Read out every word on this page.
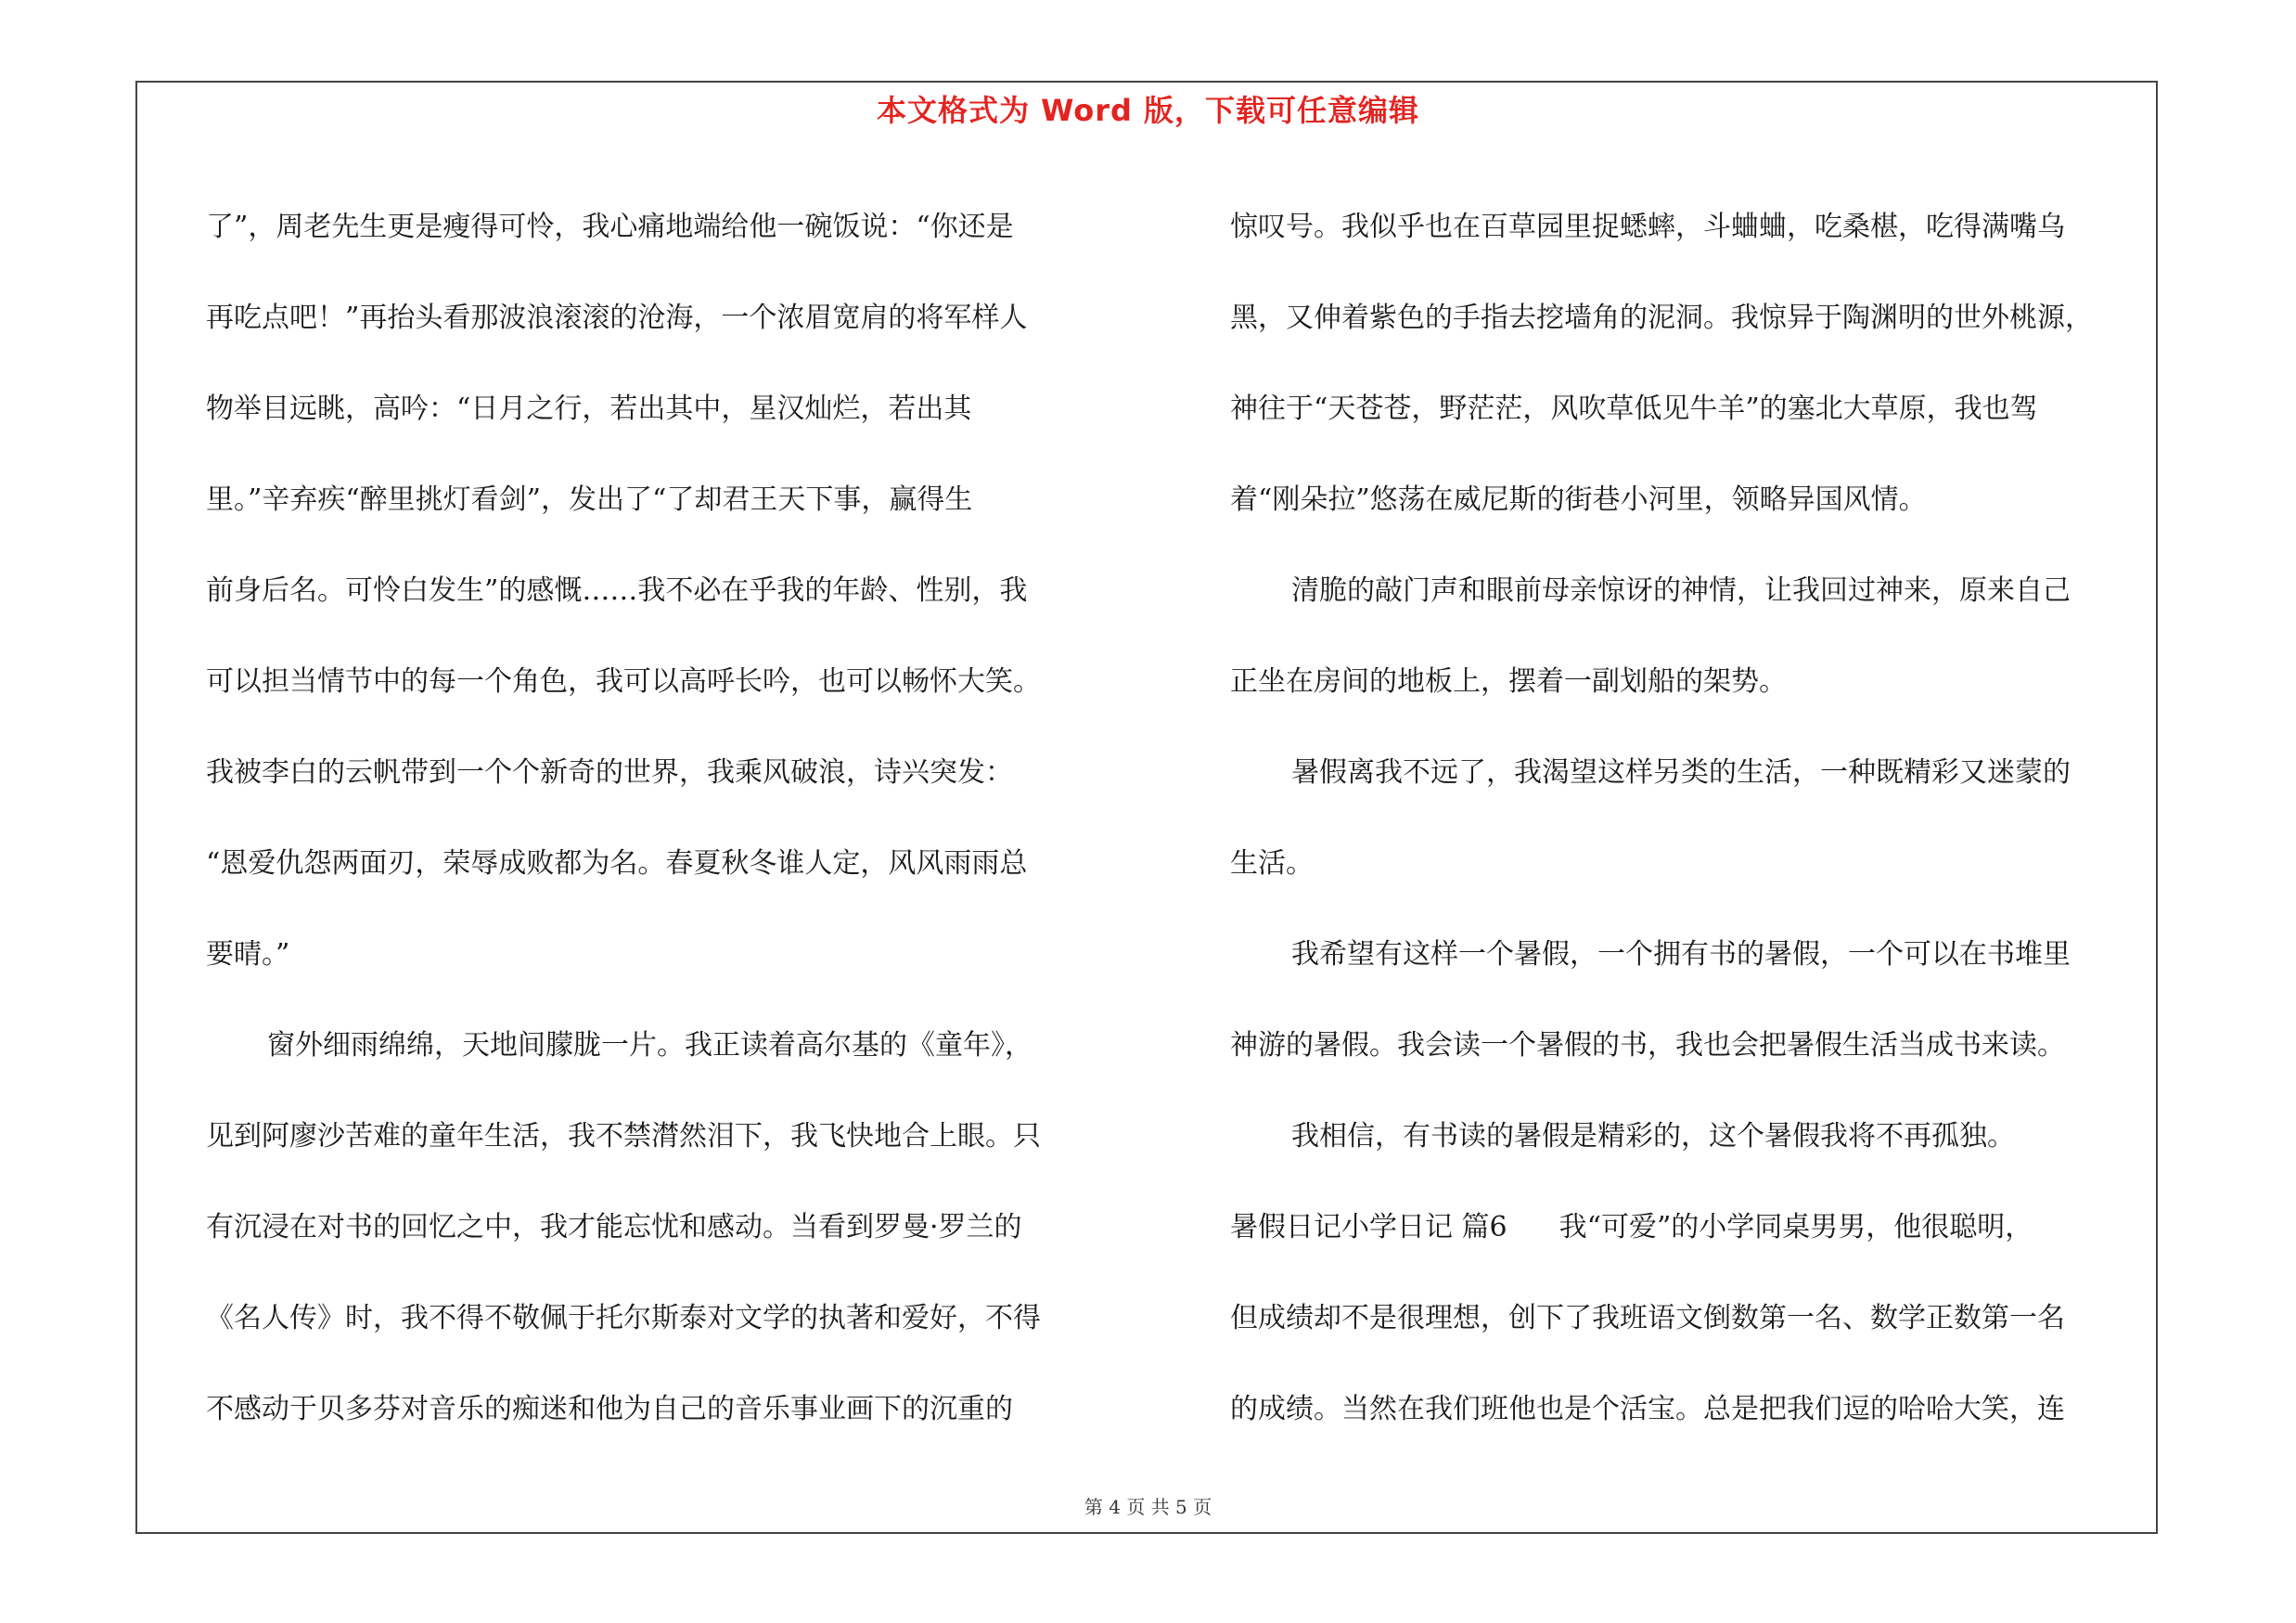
本文格式为 Word 版，下载可任意编辑
了”，周老先生更是瘦得可怜，我心痛地端给他一碗饭说：“你还是
再吃点吧！”再抬头看那波浪滚滚的沧海，一个浓眉宽肩的将军样人
物举目远眺，高吟：“日月之行，若出其中，星汉灿烂，若出其
里。”辛弃疾“醉里挑灯看剑”，发出了“了却君王天下事，赢得生
前身后名。可怜白发生”的感慨……我不必在乎我的年龄、性别，我
可以担当情节中的每一个角色，我可以高呼长吟，也可以畅怀大笑。
我被李白的云帆带到一个个新奇的世界，我乘风破浪，诗兴突发：
“恩爱仇怨两面刃，荣辱成败都为名。春夏秋冬谁人定，风风雨雨总
要晴。”
窗外细雨绵绵，天地间朦胧一片。我正读着高尔基的《童年》，
见到阿廖沙苦难的童年生活，我不禁潸然泪下，我飞快地合上眼。只
有沉浸在对书的回忆之中，我才能忘忧和感动。当看到罗曼·罗兰的
《名人传》时，我不得不敬佩于托尔斯泰对文学的执著和爱好，不得
不感动于贝多芬对音乐的痴迷和他为自己的音乐事业画下的沉重的
惊叹号。我似乎也在百草园里捉蟋蟀，斗蛐蛐，吃桑椹，吃得满嘴乌
黑，又伸着紫色的手指去挖墙角的泥洞。我惊异于陶渊明的世外桃源，
神往于“天苍苍，野茫茫，风吹草低见牛羊”的塞北大草原，我也驾
着“刚朵拉”悠荡在威尼斯的街巷小河里，领略异国风情。
清脆的敲门声和眼前母亲惊讶的神情，让我回过神来，原来自己
正坐在房间的地板上，摆着一副划船的架势。
暑假离我不远了，我渴望这样另类的生活，一种既精彩又迷蒙的
生活。
我希望有这样一个暑假，一个拥有书的暑假，一个可以在书堆里
神游的暑假。我会读一个暑假的书，我也会把暑假生活当成书来读。
我相信，有书读的暑假是精彩的，这个暑假我将不再孤独。
暑假日记小学日记 篇6 我“可爱”的小学同桌男男，他很聪明，
但成绩却不是很理想，创下了我班语文倒数第一名、数学正数第一名
的成绩。当然在我们班他也是个活宝。总是把我们逗的哈哈大笑，连
第 4 页 共 5 页
